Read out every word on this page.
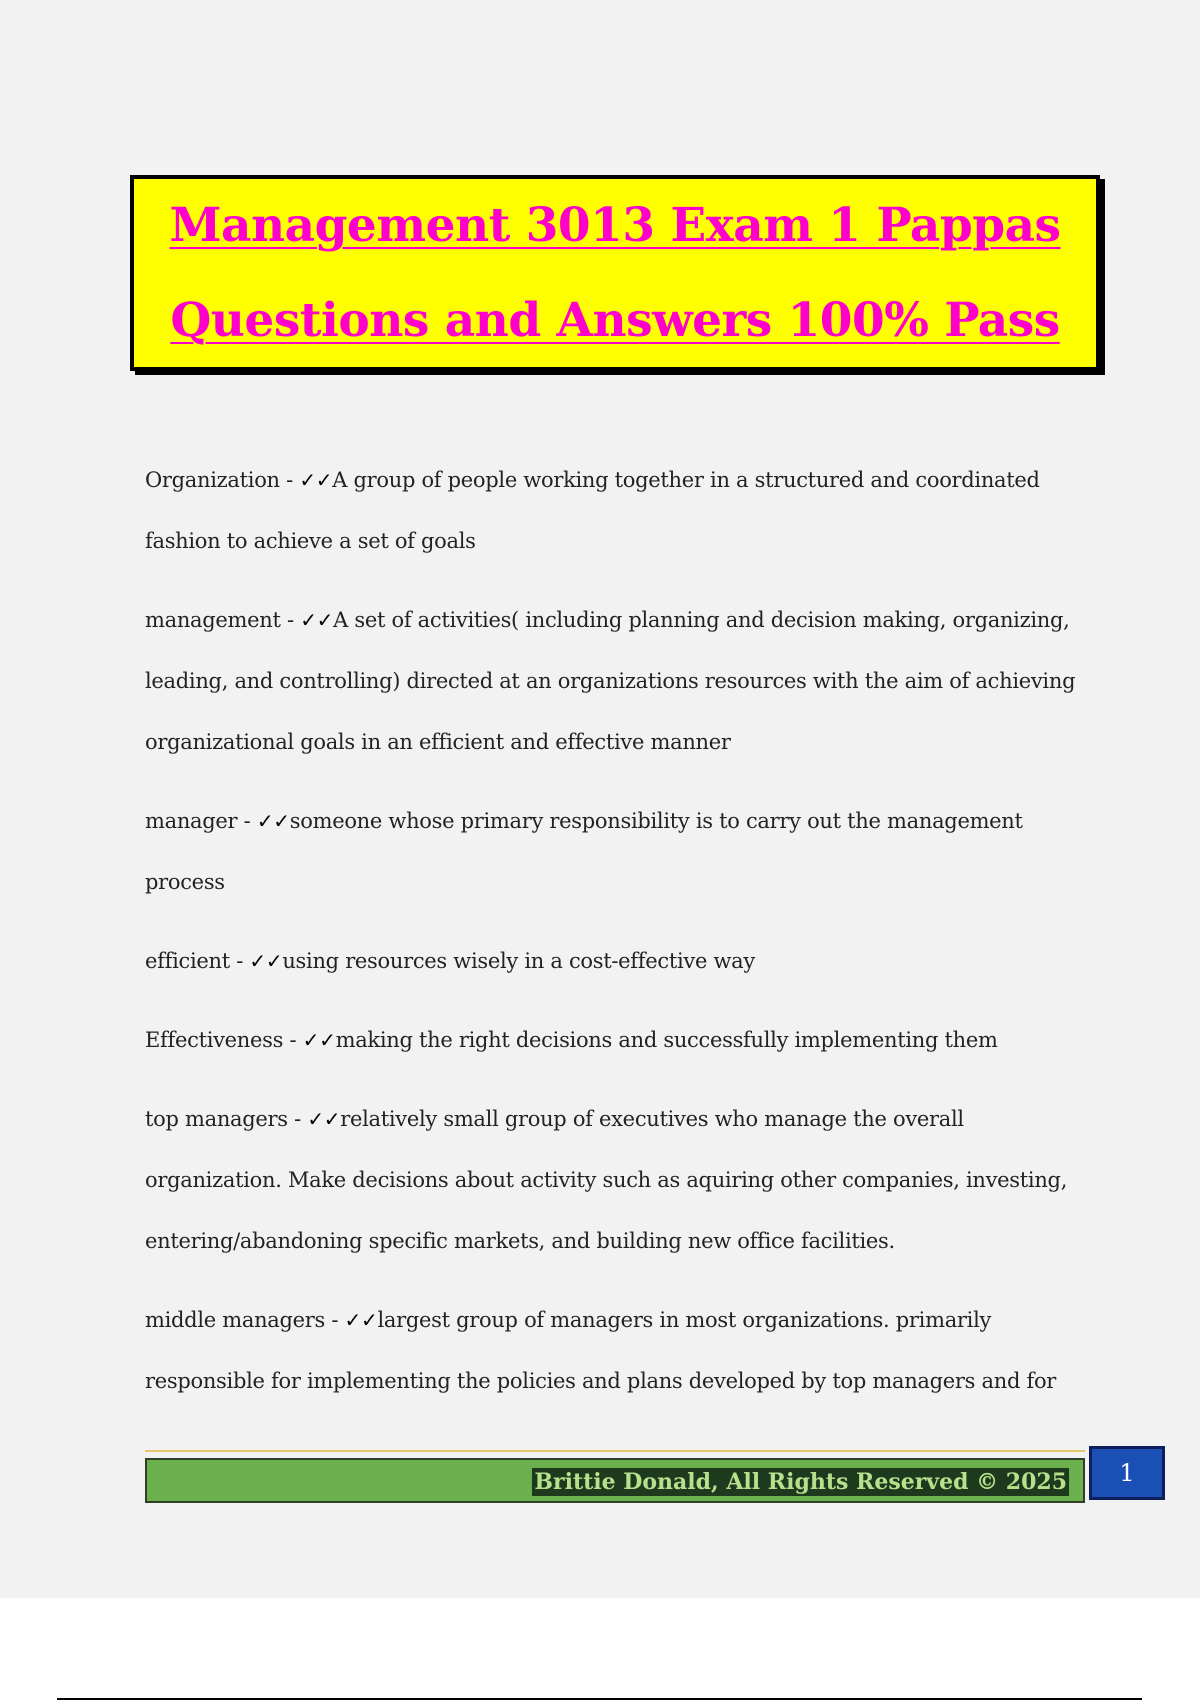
Management 3013 Exam 1 Pappas
Questions and Answers 100% Pass
Organization - ✓✓A group of people working together in a structured and coordinated fashion to achieve a set of goals
management - ✓✓A set of activities( including planning and decision making, organizing, leading, and controlling) directed at an organizations resources with the aim of achieving organizational goals in an efficient and effective manner
manager - ✓✓someone whose primary responsibility is to carry out the management process
efficient - ✓✓using resources wisely in a cost-effective way
Effectiveness - ✓✓making the right decisions and successfully implementing them
top managers - ✓✓relatively small group of executives who manage the overall organization. Make decisions about activity such as aquiring other companies, investing, entering/abandoning specific markets, and building new office facilities.
middle managers - ✓✓largest group of managers in most organizations. primarily responsible for implementing the policies and plans developed by top managers and for
Brittie Donald, All Rights Reserved © 2025	1
